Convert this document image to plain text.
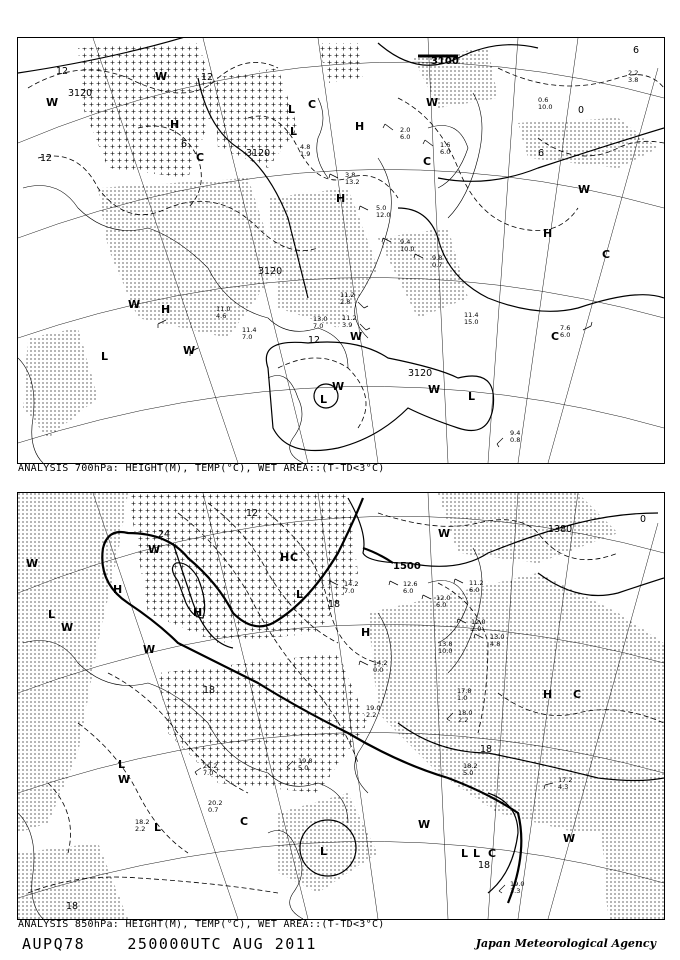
3120
3120
3120
3120
3100
12
12
12
12
6
0
6
6
W
W
H
C
L	H
L
W
H
C
H
C
W
H
W
W
L
W
L
W
C
W
L
C
2.0
6.0
1.6
6.0
3.8
13.2
5.0
12.0
9.4
10.0
9.8
0.7
11.2
2.8
11.2
3.9
13.0
7.0
11.4
7.0
11.0
4.6
9.4
0.8
11.4
15.0
7.6
6.0
4.8
1.9
2.2
3.8
0.6
10.0
ANALYSIS 700hPa: HEIGHT(M), TEMP(°C), WET AREA::(T-TD<3°C)
1500
1380
24
12
18
18
18
18
18
0
W
W
L
H
H
H C
L
H
W
W
H C
L
L
L
C
L
W
L C
W
W
W
14.2
7.0
12.6
6.0
11.2
6.0
12.0
6.0
12.0
2.0
13.8
10.0
13.0
4.8
14.2
0.0
18.0
2.2
17.8
1.0
19.0
2.2
19.8
5.0	18.2
5.0
20.2
7.0
17.2
4.3
19.0
3.3
18.2
2.2
20.2
0.7
ANALYSIS 850hPa: HEIGHT(M), TEMP(°C), WET AREA::(T-TD<3°C)
AUPQ78	250000UTC AUG 2011	Japan Meteorological Agency
